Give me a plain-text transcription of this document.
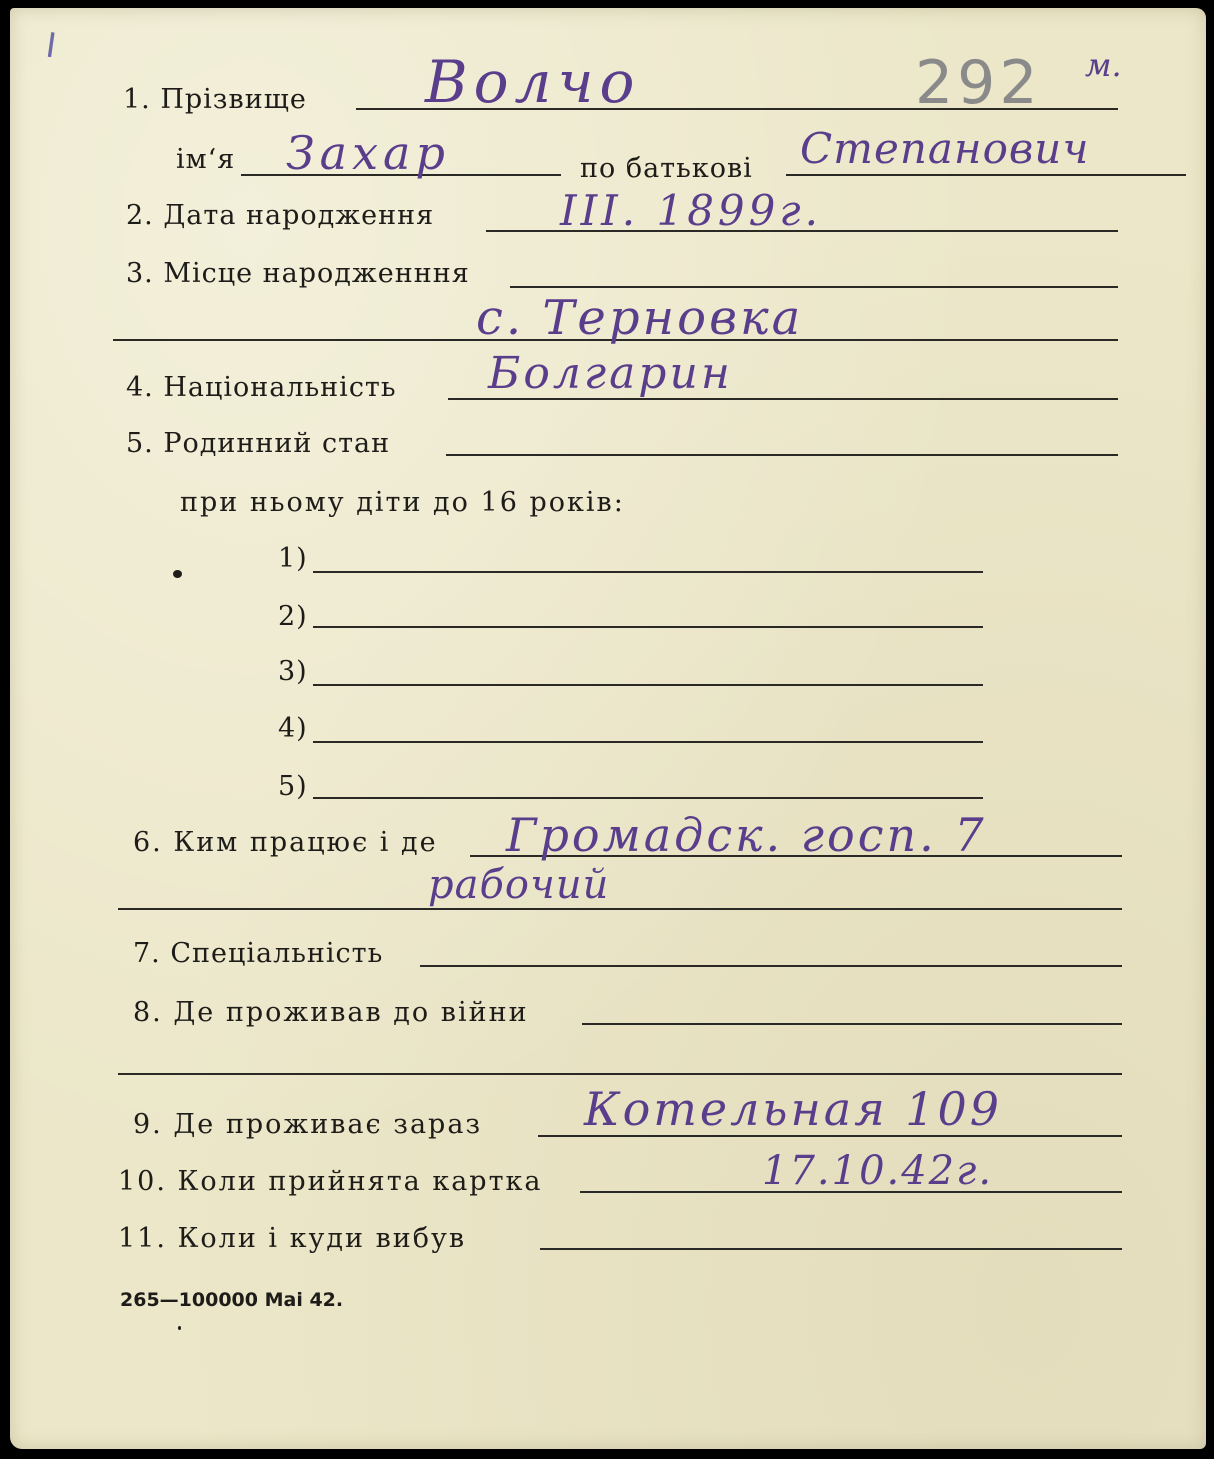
I
292 м.
1. Прізвище Волчо
ім‘я Захар	по батькові Степанович
2. Дата народження	III. 1899г.
3. Місце народженння
с. Терновка
4. Національність Болгарин
5. Родинний стан
при ньому діти до 16 років:
1)
2)
3)
4)
5)
6. Ким працює і де Громадск. госп. 7
рабочий
7. Спеціальність
8. Де проживав до війни
9. Де проживає зараз Котельная 109
10. Коли прийнята картка	17.10.42г.
11. Коли і куди вибув
265—100000 Mai 42.
